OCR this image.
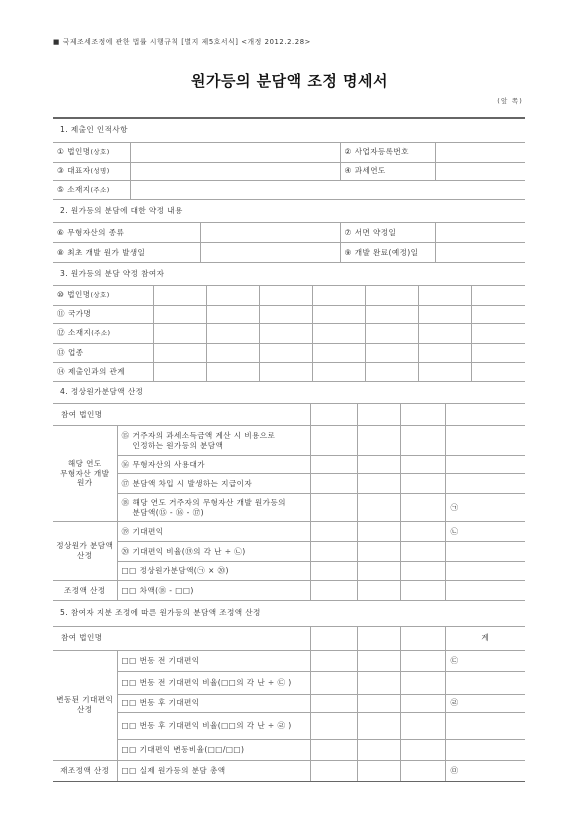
■ 국제조세조정에 관한 법률 시행규칙 [별지 제5호서식] <개정 2012.2.28>
원가등의 분담액 조정 명세서
(앞 쪽)
1. 제출인 인적사항			
① 법인명(상호)		② 사업자등록번호	
③ 대표자(성명)		④ 과세연도	
⑤ 소재지(주소)			
2. 원가등의 분담에 대한 약정 내용			
⑥ 무형자산의 종류		⑦ 서면 약정일	
⑧ 최초 개발 원가 발생일		⑨ 개발 완료(예정)일	
3. 원가등의 분담 약정 참여자							
⑩ 법인명(상호)							
⑪ 국가명							
⑫ 소재지(주소)							
⑬ 업종							
⑭ 제출인과의 관계							
4. 정상원가분담액 산정					
참여 법인명					
해당 연도 무형자산 개발 원가	⑮ 거주자의 과세소득금액 계산 시 비용으로 인정하는 원가등의 분담액				

	⑯ 무형자산의 사용대가				

	⑰ 분담액 차입 시 발생하는 지급이자				

	⑱ 해당 연도 거주자의 무형자산 개발 원가등의 분담액(⑮ - ⑯ - ⑰)				㉠
정상원가 분담액 산정	⑲ 기대편익				㉡

	⑳ 기대편익 비율(⑲의 각 난 ÷ ㉡)				

	□□ 정상원가분담액(㉠ × ⑳)				

조정액 산정	□□ 차액(⑱ - □□)				

5. 참여자 지분 조정에 따른 원가등의 분담액 조정액 산정					
참여 법인명					계
변동된 기대편익 산정	□□ 번동 전 기대편익				㉢

	□□ 번동 전 기대편익 비율(□□의 각 난 ÷ ㉢ )				

	□□ 번동 후 기대편익				㉣

	□□ 번동 후 기대편익 비율(□□의 각 난 ÷ ㉣ )				

	□□ 기대편익 변동비율(□□/□□)				

재조정액 산정	□□ 실제 원가등의 분담 총액				㉤
